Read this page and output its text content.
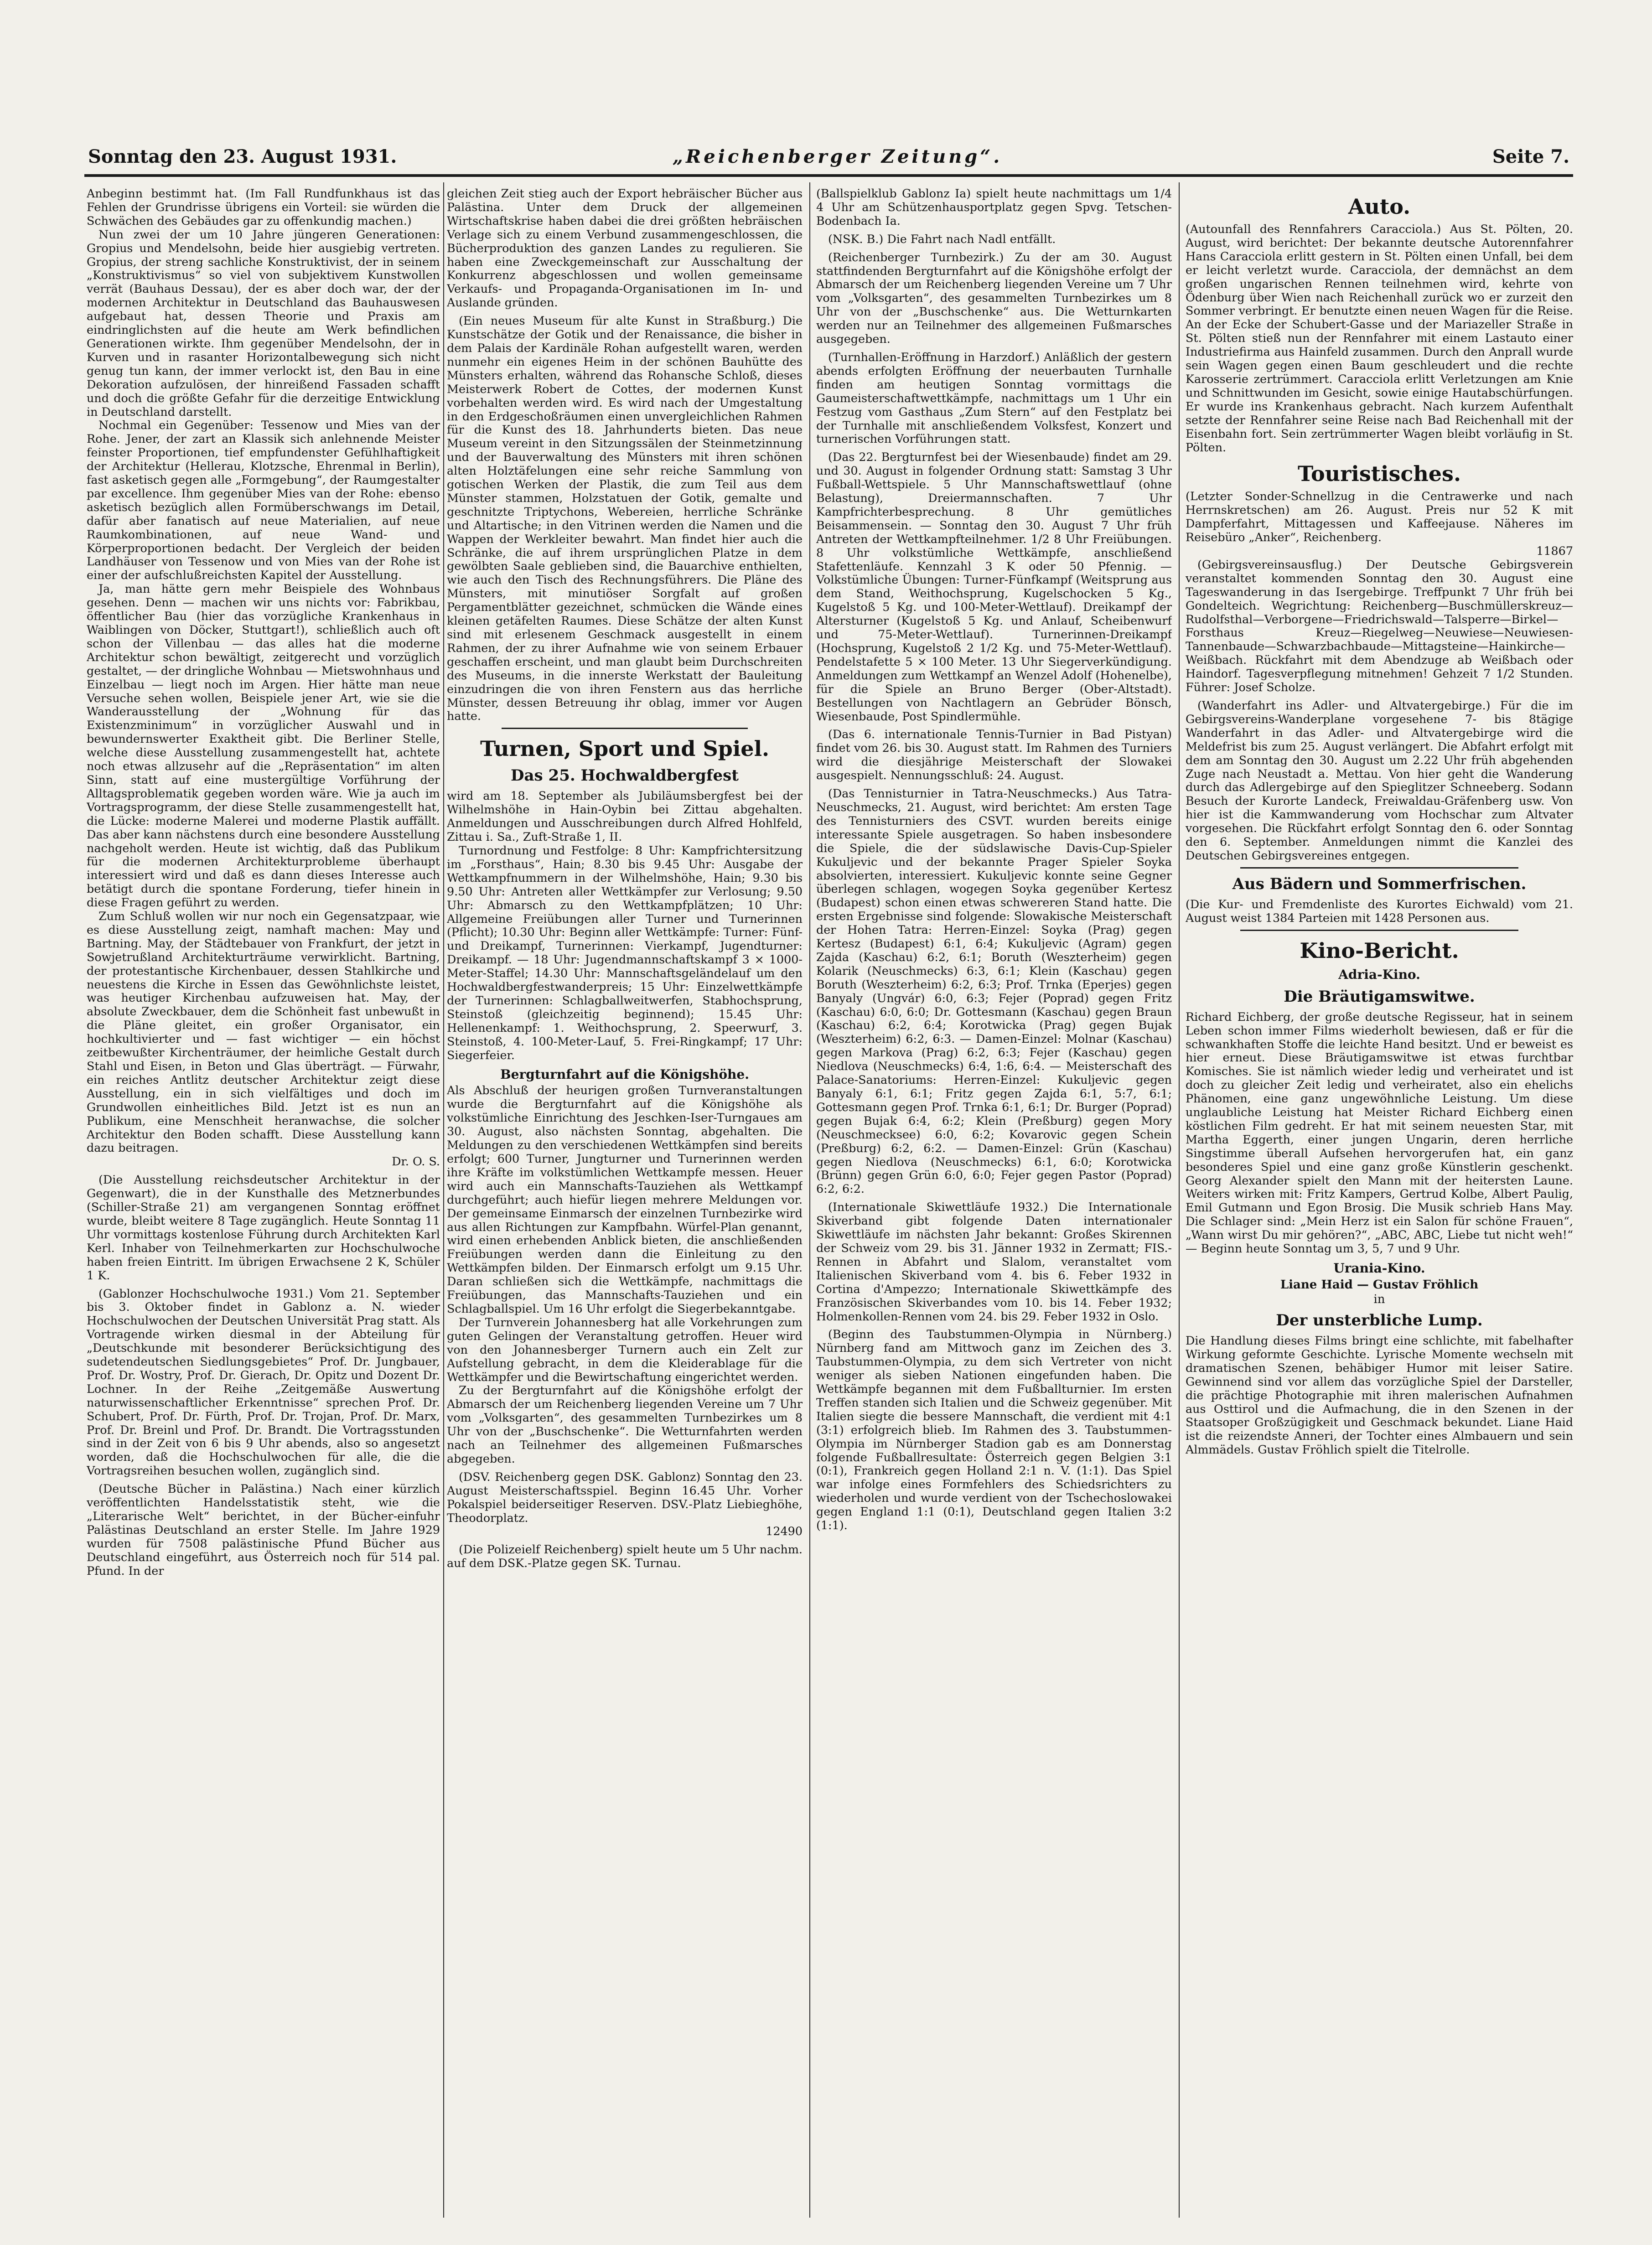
Sonntag den 23. August 1931.	„Reichenberger Zeitung“.	Seite 7.

Anbeginn bestimmt hat. (Im Fall Rundfunkhaus ist das Fehlen der Grundrisse übrigens ein Vorteil: sie würden die Schwächen des Gebäudes gar zu offenkundig machen.)

Nun zwei der um 10 Jahre jüngeren Generationen: Gropius und Mendelsohn, beide hier ausgiebig vertreten. Gropius, der streng sachliche Konstruktivist, der in seinem „Konstruktivismus“ so viel von subjektivem Kunstwollen verrät (Bauhaus Dessau), der es aber doch war, der der modernen Architektur in Deutschland das Bauhauswesen aufgebaut hat, dessen Theorie und Praxis am eindringlichsten auf die heute am Werk befindlichen Generationen wirkte. Ihm gegenüber Mendelsohn, der in Kurven und in rasanter Horizontalbewegung sich nicht genug tun kann, der immer verlockt ist, den Bau in eine Dekoration aufzulösen, der hinreißend Fassaden schafft und doch die größte Gefahr für die derzeitige Entwicklung in Deutschland darstellt.

Nochmal ein Gegenüber: Tessenow und Mies van der Rohe. Jener, der zart an Klassik sich anlehnende Meister feinster Proportionen, tief empfundenster Gefühlhaftigkeit der Architektur (Hellerau, Klotzsche, Ehrenmal in Berlin), fast asketisch gegen alle „Formgebung“, der Raumgestalter par excellence. Ihm gegenüber Mies van der Rohe: ebenso asketisch bezüglich allen Formüberschwangs im Detail, dafür aber fanatisch auf neue Materialien, auf neue Raumkombinationen, auf neue Wand- und Körperproportionen bedacht. Der Vergleich der beiden Landhäuser von Tessenow und von Mies van der Rohe ist einer der aufschlußreichsten Kapitel der Ausstellung.

Ja, man hätte gern mehr Beispiele des Wohnbaus gesehen. Denn — machen wir uns nichts vor: Fabrikbau, öffentlicher Bau (hier das vorzügliche Krankenhaus in Waiblingen von Döcker, Stuttgart!), schließlich auch oft schon der Villenbau — das alles hat die moderne Architektur schon bewältigt, zeitgerecht und vorzüglich gestaltet, — der dringliche Wohnbau — Mietswohnhaus und Einzelbau — liegt noch im Argen. Hier hätte man neue Versuche sehen wollen, Beispiele jener Art, wie sie die Wanderausstellung der „Wohnung für das Existenzminimum“ in vorzüglicher Auswahl und in bewundernswerter Exaktheit gibt. Die Berliner Stelle, welche diese Ausstellung zusammengestellt hat, achtete noch etwas allzusehr auf die „Repräsentation“ im alten Sinn, statt auf eine mustergültige Vorführung der Alltagsproblematik gegeben worden wäre. Wie ja auch im Vortragsprogramm, der diese Stelle zusammengestellt hat, die Lücke: moderne Malerei und moderne Plastik auffällt. Das aber kann nächstens durch eine besondere Ausstellung nachgeholt werden. Heute ist wichtig, daß das Publikum für die modernen Architekturprobleme überhaupt interessiert wird und daß es dann dieses Interesse auch betätigt durch die spontane Forderung, tiefer hinein in diese Fragen geführt zu werden.

Zum Schluß wollen wir nur noch ein Gegensatzpaar, wie es diese Ausstellung zeigt, namhaft machen: May und Bartning. May, der Städtebauer von Frankfurt, der jetzt in Sowjetrußland Architekturträume verwirklicht. Bartning, der protestantische Kirchenbauer, dessen Stahlkirche und neuestens die Kirche in Essen das Gewöhnlichste leistet, was heutiger Kirchenbau aufzuweisen hat. May, der absolute Zweckbauer, dem die Schönheit fast unbewußt in die Pläne gleitet, ein großer Organisator, ein hochkultivierter und — fast wichtiger — ein höchst zeitbewußter Kirchenträumer, der heimliche Gestalt durch Stahl und Eisen, in Beton und Glas überträgt. — Fürwahr, ein reiches Antlitz deutscher Architektur zeigt diese Ausstellung, ein in sich vielfältiges und doch im Grundwollen einheitliches Bild. Jetzt ist es nun an Publikum, eine Menschheit heranwachse, die solcher Architektur den Boden schafft. Diese Ausstellung kann dazu beitragen.

Dr. O. S.

(Die Ausstellung reichsdeutscher Architektur in der Gegenwart), die in der Kunsthalle des Metznerbundes (Schiller-Straße 21) am vergangenen Sonntag eröffnet wurde, bleibt weitere 8 Tage zugänglich. Heute Sonntag 11 Uhr vormittags kostenlose Führung durch Architekten Karl Kerl. Inhaber von Teilnehmerkarten zur Hochschulwoche haben freien Eintritt. Im übrigen Erwachsene 2 K, Schüler 1 K.

(Gablonzer Hochschulwoche 1931.) Vom 21. September bis 3. Oktober findet in Gablonz a. N. wieder Hochschulwochen der Deutschen Universität Prag statt. Als Vortragende wirken diesmal in der Abteilung für „Deutschkunde mit besonderer Berücksichtigung des sudetendeutschen Siedlungsgebietes“ Prof. Dr. Jungbauer, Prof. Dr. Wostry, Prof. Dr. Gierach, Dr. Opitz und Dozent Dr. Lochner. In der Reihe „Zeitgemäße Auswertung naturwissenschaftlicher Erkenntnisse“ sprechen Prof. Dr. Schubert, Prof. Dr. Fürth, Prof. Dr. Trojan, Prof. Dr. Marx, Prof. Dr. Breinl und Prof. Dr. Brandt. Die Vortragsstunden sind in der Zeit von 6 bis 9 Uhr abends, also so angesetzt worden, daß die Hochschulwochen für alle, die die Vortragsreihen besuchen wollen, zugänglich sind.

(Deutsche Bücher in Palästina.) Nach einer kürzlich veröffentlichten Handelsstatistik steht, wie die „Literarische Welt“ berichtet, in der Bücher-einfuhr Palästinas Deutschland an erster Stelle. Im Jahre 1929 wurden für 7508 palästinische Pfund Bücher aus Deutschland eingeführt, aus Österreich noch für 514 pal. Pfund. In der

gleichen Zeit stieg auch der Export hebräischer Bücher aus Palästina. Unter dem Druck der allgemeinen Wirtschaftskrise haben dabei die drei größten hebräischen Verlage sich zu einem Verbund zusammengeschlossen, die Bücherproduktion des ganzen Landes zu regulieren. Sie haben eine Zweckgemeinschaft zur Ausschaltung der Konkurrenz abgeschlossen und wollen gemeinsame Verkaufs- und Propaganda-Organisationen im In- und Auslande gründen.

(Ein neues Museum für alte Kunst in Straßburg.) Die Kunstschätze der Gotik und der Renaissance, die bisher in dem Palais der Kardinäle Rohan aufgestellt waren, werden nunmehr ein eigenes Heim in der schönen Bauhütte des Münsters erhalten, während das Rohansche Schloß, dieses Meisterwerk Robert de Cottes, der modernen Kunst vorbehalten werden wird. Es wird nach der Umgestaltung in den Erdgeschoßräumen einen unvergleichlichen Rahmen für die Kunst des 18. Jahrhunderts bieten. Das neue Museum vereint in den Sitzungssälen der Steinmetzinnung und der Bauverwaltung des Münsters mit ihren schönen alten Holztäfelungen eine sehr reiche Sammlung von gotischen Werken der Plastik, die zum Teil aus dem Münster stammen, Holzstatuen der Gotik, gemalte und geschnitzte Triptychons, Webereien, herrliche Schränke und Altartische; in den Vitrinen werden die Namen und die Wappen der Werkleiter bewahrt. Man findet hier auch die Schränke, die auf ihrem ursprünglichen Platze in dem gewölbten Saale geblieben sind, die Bauarchive enthielten, wie auch den Tisch des Rechnungsführers. Die Pläne des Münsters, mit minutiöser Sorgfalt auf großen Pergamentblätter gezeichnet, schmücken die Wände eines kleinen getäfelten Raumes. Diese Schätze der alten Kunst sind mit erlesenem Geschmack ausgestellt in einem Rahmen, der zu ihrer Aufnahme wie von seinem Erbauer geschaffen erscheint, und man glaubt beim Durchschreiten des Museums, in die innerste Werkstatt der Bauleitung einzudringen die von ihren Fenstern aus das herrliche Münster, dessen Betreuung ihr oblag, immer vor Augen hatte.

Turnen, Sport und Spiel.
Das 25. Hochwaldbergfest

wird am 18. September als Jubiläumsbergfest bei der Wilhelmshöhe in Hain-Oybin bei Zittau abgehalten. Anmeldungen und Ausschreibungen durch Alfred Hohlfeld, Zittau i. Sa., Zuft-Straße 1, II.

Turnordnung und Festfolge: 8 Uhr: Kampfrichtersitzung im „Forsthaus“, Hain; 8.30 bis 9.45 Uhr: Ausgabe der Wettkampfnummern in der Wilhelmshöhe, Hain; 9.30 bis 9.50 Uhr: Antreten aller Wettkämpfer zur Verlosung; 9.50 Uhr: Abmarsch zu den Wettkampfplätzen; 10 Uhr: Allgemeine Freiübungen aller Turner und Turnerinnen (Pflicht); 10.30 Uhr: Beginn aller Wettkämpfe: Turner: Fünf- und Dreikampf, Turnerinnen: Vierkampf, Jugendturner: Dreikampf. — 18 Uhr: Jugendmannschaftskampf 3 × 1000-Meter-Staffel; 14.30 Uhr: Mannschaftsgeländelauf um den Hochwaldbergfestwanderpreis; 15 Uhr: Einzelwettkämpfe der Turnerinnen: Schlagballweitwerfen, Stabhochsprung, Steinstoß (gleichzeitig beginnend); 15.45 Uhr: Hellenenkampf: 1. Weithochsprung, 2. Speerwurf, 3. Steinstoß, 4. 100-Meter-Lauf, 5. Frei-Ringkampf; 17 Uhr: Siegerfeier.

Bergturnfahrt auf die Königshöhe.

Als Abschluß der heurigen großen Turnveranstaltungen wurde die Bergturnfahrt auf die Königshöhe als volkstümliche Einrichtung des Jeschken-Iser-Turngaues am 30. August, also nächsten Sonntag, abgehalten. Die Meldungen zu den verschiedenen Wettkämpfen sind bereits erfolgt; 600 Turner, Jungturner und Turnerinnen werden ihre Kräfte im volkstümlichen Wettkampfe messen. Heuer wird auch ein Mannschafts-Tauziehen als Wettkampf durchgeführt; auch hiefür liegen mehrere Meldungen vor. Der gemeinsame Einmarsch der einzelnen Turnbezirke wird aus allen Richtungen zur Kampfbahn. Würfel-Plan genannt, wird einen erhebenden Anblick bieten, die anschließenden Freiübungen werden dann die Einleitung zu den Wettkämpfen bilden. Der Einmarsch erfolgt um 9.15 Uhr. Daran schließen sich die Wettkämpfe, nachmittags die Freiübungen, das Mannschafts-Tauziehen und ein Schlagballspiel. Um 16 Uhr erfolgt die Siegerbekanntgabe.

Der Turnverein Johannesberg hat alle Vorkehrungen zum guten Gelingen der Veranstaltung getroffen. Heuer wird von den Johannesberger Turnern auch ein Zelt zur Aufstellung gebracht, in dem die Kleiderablage für die Wettkämpfer und die Bewirtschaftung eingerichtet werden.

Zu der Bergturnfahrt auf die Königshöhe erfolgt der Abmarsch der um Reichenberg liegenden Vereine um 7 Uhr vom „Volksgarten“, des gesammelten Turnbezirkes um 8 Uhr von der „Buschschenke“. Die Wetturnfahrten werden nach an Teilnehmer des allgemeinen Fußmarsches abgegeben.

(DSV. Reichenberg gegen DSK. Gablonz) Sonntag den 23. August Meisterschaftsspiel. Beginn 16.45 Uhr. Vorher Pokalspiel beiderseitiger Reserven. DSV.-Platz Liebieghöhe, Theodorplatz.

12490

(Die Polizeielf Reichenberg) spielt heute um 5 Uhr nachm. auf dem DSK.-Platze gegen SK. Turnau.

(Ballspielklub Gablonz Ia) spielt heute nachmittags um 1/4 4 Uhr am Schützenhausportplatz gegen Spvg. Tetschen-Bodenbach Ia.

(NSK. B.) Die Fahrt nach Nadl entfällt.

(Reichenberger Turnbezirk.) Zu der am 30. August stattfindenden Bergturnfahrt auf die Königshöhe erfolgt der Abmarsch der um Reichenberg liegenden Vereine um 7 Uhr vom „Volksgarten“, des gesammelten Turnbezirkes um 8 Uhr von der „Buschschenke“ aus. Die Wetturnkarten werden nur an Teilnehmer des allgemeinen Fußmarsches ausgegeben.

(Turnhallen-Eröffnung in Harzdorf.) Anläßlich der gestern abends erfolgten Eröffnung der neuerbauten Turnhalle finden am heutigen Sonntag vormittags die Gaumeisterschaftwettkämpfe, nachmittags um 1 Uhr ein Festzug vom Gasthaus „Zum Stern“ auf den Festplatz bei der Turnhalle mit anschließendem Volksfest, Konzert und turnerischen Vorführungen statt.

(Das 22. Bergturnfest bei der Wiesenbaude) findet am 29. und 30. August in folgender Ordnung statt: Samstag 3 Uhr Fußball-Wettspiele. 5 Uhr Mannschaftswettlauf (ohne Belastung), Dreiermannschaften. 7 Uhr Kampfrichterbesprechung. 8 Uhr gemütliches Beisammensein. — Sonntag den 30. August 7 Uhr früh Antreten der Wettkampfteilnehmer. 1/2 8 Uhr Freiübungen. 8 Uhr volkstümliche Wettkämpfe, anschließend Stafettenläufe. Kennzahl 3 K oder 50 Pfennig. — Volkstümliche Übungen: Turner-Fünfkampf (Weitsprung aus dem Stand, Weithochsprung, Kugelschocken 5 Kg., Kugelstoß 5 Kg. und 100-Meter-Wettlauf). Dreikampf der Altersturner (Kugelstoß 5 Kg. und Anlauf, Scheibenwurf und 75-Meter-Wettlauf). Turnerinnen-Dreikampf (Hochsprung, Kugelstoß 2 1/2 Kg. und 75-Meter-Wettlauf). Pendelstafette 5 × 100 Meter. 13 Uhr Siegerverkündigung. Anmeldungen zum Wettkampf an Wenzel Adolf (Hohenelbe), für die Spiele an Bruno Berger (Ober-Altstadt). Bestellungen von Nachtlagern an Gebrüder Bönsch, Wiesenbaude, Post Spindlermühle.

(Das 6. internationale Tennis-Turnier in Bad Pistyan) findet vom 26. bis 30. August statt. Im Rahmen des Turniers wird die diesjährige Meisterschaft der Slowakei ausgespielt. Nennungsschluß: 24. August.

(Das Tennisturnier in Tatra-Neuschmecks.) Aus Tatra-Neuschmecks, 21. August, wird berichtet: Am ersten Tage des Tennisturniers des CSVT. wurden bereits einige interessante Spiele ausgetragen. So haben insbesondere die Spiele, die der südslawische Davis-Cup-Spieler Kukuljevic und der bekannte Prager Spieler Soyka absolvierten, interessiert. Kukuljevic konnte seine Gegner überlegen schlagen, wogegen Soyka gegenüber Kertesz (Budapest) schon einen etwas schwereren Stand hatte. Die ersten Ergebnisse sind folgende: Slowakische Meisterschaft der Hohen Tatra: Herren-Einzel: Soyka (Prag) gegen Kertesz (Budapest) 6:1, 6:4; Kukuljevic (Agram) gegen Zajda (Kaschau) 6:2, 6:1; Boruth (Weszterheim) gegen Kolarik (Neuschmecks) 6:3, 6:1; Klein (Kaschau) gegen Boruth (Weszterheim) 6:2, 6:3; Prof. Trnka (Eperjes) gegen Banyaly (Ungvár) 6:0, 6:3; Fejer (Poprad) gegen Fritz (Kaschau) 6:0, 6:0; Dr. Gottesmann (Kaschau) gegen Braun (Kaschau) 6:2, 6:4; Korotwicka (Prag) gegen Bujak (Weszterheim) 6:2, 6:3. — Damen-Einzel: Molnar (Kaschau) gegen Markova (Prag) 6:2, 6:3; Fejer (Kaschau) gegen Niedlova (Neuschmecks) 6:4, 1:6, 6:4. — Meisterschaft des Palace-Sanatoriums: Herren-Einzel: Kukuljevic gegen Banyaly 6:1, 6:1; Fritz gegen Zajda 6:1, 5:7, 6:1; Gottesmann gegen Prof. Trnka 6:1, 6:1; Dr. Burger (Poprad) gegen Bujak 6:4, 6:2; Klein (Preßburg) gegen Mory (Neuschmecksee) 6:0, 6:2; Kovarovic gegen Schein (Preßburg) 6:2, 6:2. — Damen-Einzel: Grün (Kaschau) gegen Niedlova (Neuschmecks) 6:1, 6:0; Korotwicka (Brünn) gegen Grün 6:0, 6:0; Fejer gegen Pastor (Poprad) 6:2, 6:2.

(Internationale Skiwettläufe 1932.) Die Internationale Skiverband gibt folgende Daten internationaler Skiwettläufe im nächsten Jahr bekannt: Großes Skirennen der Schweiz vom 29. bis 31. Jänner 1932 in Zermatt; FIS.-Rennen in Abfahrt und Slalom, veranstaltet vom Italienischen Skiverband vom 4. bis 6. Feber 1932 in Cortina d'Ampezzo; Internationale Skiwettkämpfe des Französischen Skiverbandes vom 10. bis 14. Feber 1932; Holmenkollen-Rennen vom 24. bis 29. Feber 1932 in Oslo.

(Beginn des Taubstummen-Olympia in Nürnberg.) Nürnberg fand am Mittwoch ganz im Zeichen des 3. Taubstummen-Olympia, zu dem sich Vertreter von nicht weniger als sieben Nationen eingefunden haben. Die Wettkämpfe begannen mit dem Fußballturnier. Im ersten Treffen standen sich Italien und die Schweiz gegenüber. Mit Italien siegte die bessere Mannschaft, die verdient mit 4:1 (3:1) erfolgreich blieb. Im Rahmen des 3. Taubstummen-Olympia im Nürnberger Stadion gab es am Donnerstag folgende Fußballresultate: Österreich gegen Belgien 3:1 (0:1), Frankreich gegen Holland 2:1 n. V. (1:1). Das Spiel war infolge eines Formfehlers des Schiedsrichters zu wiederholen und wurde verdient von der Tschechoslowakei gegen England 1:1 (0:1), Deutschland gegen Italien 3:2 (1:1).

Auto.

(Autounfall des Rennfahrers Caracciola.) Aus St. Pölten, 20. August, wird berichtet: Der bekannte deutsche Autorennfahrer Hans Caracciola erlitt gestern in St. Pölten einen Unfall, bei dem er leicht verletzt wurde. Caracciola, der demnächst an dem großen ungarischen Rennen teilnehmen wird, kehrte von Ödenburg über Wien nach Reichenhall zurück wo er zurzeit den Sommer verbringt. Er benutzte einen neuen Wagen für die Reise. An der Ecke der Schubert-Gasse und der Mariazeller Straße in St. Pölten stieß nun der Rennfahrer mit einem Lastauto einer Industriefirma aus Hainfeld zusammen. Durch den Anprall wurde sein Wagen gegen einen Baum geschleudert und die rechte Karosserie zertrümmert. Caracciola erlitt Verletzungen am Knie und Schnittwunden im Gesicht, sowie einige Hautabschürfungen. Er wurde ins Krankenhaus gebracht. Nach kurzem Aufenthalt setzte der Rennfahrer seine Reise nach Bad Reichenhall mit der Eisenbahn fort. Sein zertrümmerter Wagen bleibt vorläufig in St. Pölten.

Touristisches.

(Letzter Sonder-Schnellzug in die Centrawerke und nach Herrnskretschen) am 26. August. Preis nur 52 K mit Dampferfahrt, Mittagessen und Kaffeejause. Näheres im Reisebüro „Anker“, Reichenberg.

11867

(Gebirgsvereinsausflug.) Der Deutsche Gebirgsverein veranstaltet kommenden Sonntag den 30. August eine Tageswanderung in das Isergebirge. Treffpunkt 7 Uhr früh bei Gondelteich. Wegrichtung: Reichenberg—Buschmüllerskreuz—Rudolfsthal—Verborgene—Friedrichswald—Talsperre—Birkel—Forsthaus Kreuz—Riegelweg—Neuwiese—Neuwiesen-Tannenbaude—Schwarzbachbaude—Mittagsteine—Hainkirche—Weißbach. Rückfahrt mit dem Abendzuge ab Weißbach oder Haindorf. Tagesverpflegung mitnehmen! Gehzeit 7 1/2 Stunden. Führer: Josef Scholze.

(Wanderfahrt ins Adler- und Altvatergebirge.) Für die im Gebirgsvereins-Wanderplane vorgesehene 7- bis 8tägige Wanderfahrt in das Adler- und Altvatergebirge wird die Meldefrist bis zum 25. August verlängert. Die Abfahrt erfolgt mit dem am Sonntag den 30. August um 2.22 Uhr früh abgehenden Zuge nach Neustadt a. Mettau. Von hier geht die Wanderung durch das Adlergebirge auf den Spieglitzer Schneeberg. Sodann Besuch der Kurorte Landeck, Freiwaldau-Gräfenberg usw. Von hier ist die Kammwanderung vom Hochschar zum Altvater vorgesehen. Die Rückfahrt erfolgt Sonntag den 6. oder Sonntag den 6. September. Anmeldungen nimmt die Kanzlei des Deutschen Gebirgsvereines entgegen.

Aus Bädern und Sommerfrischen.

(Die Kur- und Fremdenliste des Kurortes Eichwald) vom 21. August weist 1384 Parteien mit 1428 Personen aus.

Kino-Bericht.
Adria-Kino.
Die Bräutigamswitwe.

Richard Eichberg, der große deutsche Regisseur, hat in seinem Leben schon immer Films wiederholt bewiesen, daß er für die schwankhaften Stoffe die leichte Hand besitzt. Und er beweist es hier erneut. Diese Bräutigamswitwe ist etwas furchtbar Komisches. Sie ist nämlich wieder ledig und verheiratet und ist doch zu gleicher Zeit ledig und verheiratet, also ein ehelichs Phänomen, eine ganz ungewöhnliche Leistung. Um diese unglaubliche Leistung hat Meister Richard Eichberg einen köstlichen Film gedreht. Er hat mit seinem neuesten Star, mit Martha Eggerth, einer jungen Ungarin, deren herrliche Singstimme überall Aufsehen hervorgerufen hat, ein ganz besonderes Spiel und eine ganz große Künstlerin geschenkt. Georg Alexander spielt den Mann mit der heitersten Laune. Weiters wirken mit: Fritz Kampers, Gertrud Kolbe, Albert Paulig, Emil Gutmann und Egon Brosig. Die Musik schrieb Hans May. Die Schlager sind: „Mein Herz ist ein Salon für schöne Frauen“, „Wann wirst Du mir gehören?“, „ABC, ABC, Liebe tut nicht weh!“ — Beginn heute Sonntag um 3, 5, 7 und 9 Uhr.

Urania-Kino.
Liane Haid — Gustav Fröhlich
in
Der unsterbliche Lump.

Die Handlung dieses Films bringt eine schlichte, mit fabelhafter Wirkung geformte Geschichte. Lyrische Momente wechseln mit dramatischen Szenen, behäbiger Humor mit leiser Satire. Gewinnend sind vor allem das vorzügliche Spiel der Darsteller, die prächtige Photographie mit ihren malerischen Aufnahmen aus Osttirol und die Aufmachung, die in den Szenen in der Staatsoper Großzügigkeit und Geschmack bekundet. Liane Haid ist die reizendste Anneri, der Tochter eines Almbauern und sein Almmädels. Gustav Fröhlich spielt die Titelrolle.
